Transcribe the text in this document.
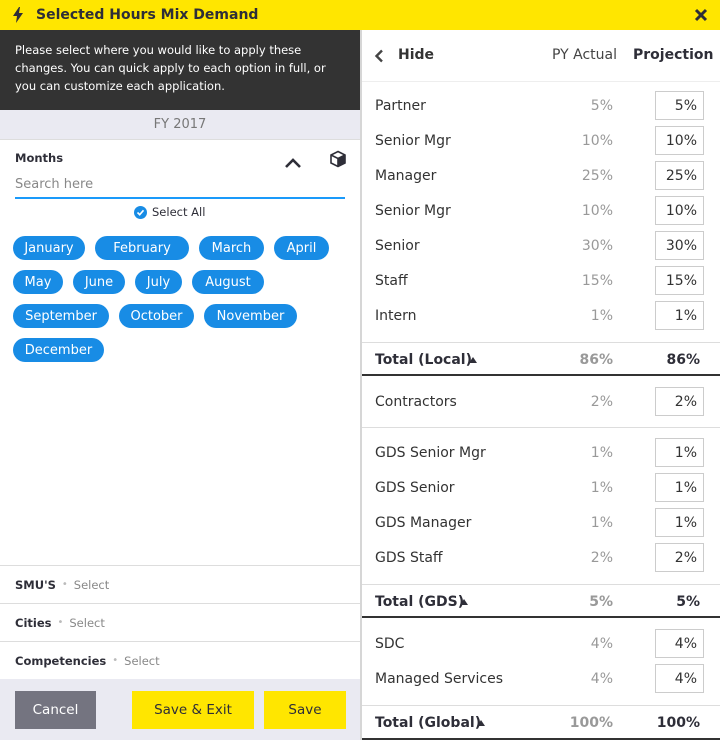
Selected Hours Mix Demand
Please select where you would like to apply these changes. You can quick apply to each option in full, or you can customize each application.
FY 2017
Months
Search here
Select All
January	February	March	April
May	June	July	August
September	October	November
December
SMU'S • Select
Cities • Select
Competencies • Select
Cancel	Save & Exit	Save
Hide	PY Actual Projection
Partner	5%	5%
Senior Mgr	10%	10%
Manager	25%	25%
Senior Mgr	10%	10%
Senior	30%	30%
Staff	15%	15%
Intern	1%	1%
Total (Local)	86%	86%
Contractors	2%	2%
GDS Senior Mgr	1%	1%
GDS Senior	1%	1%
GDS Manager	1%	1%
GDS Staff	2%	2%
Total (GDS)	5%	5%
SDC	4%	4%
Managed Services	4%	4%
Total (Global)	100%	100%
